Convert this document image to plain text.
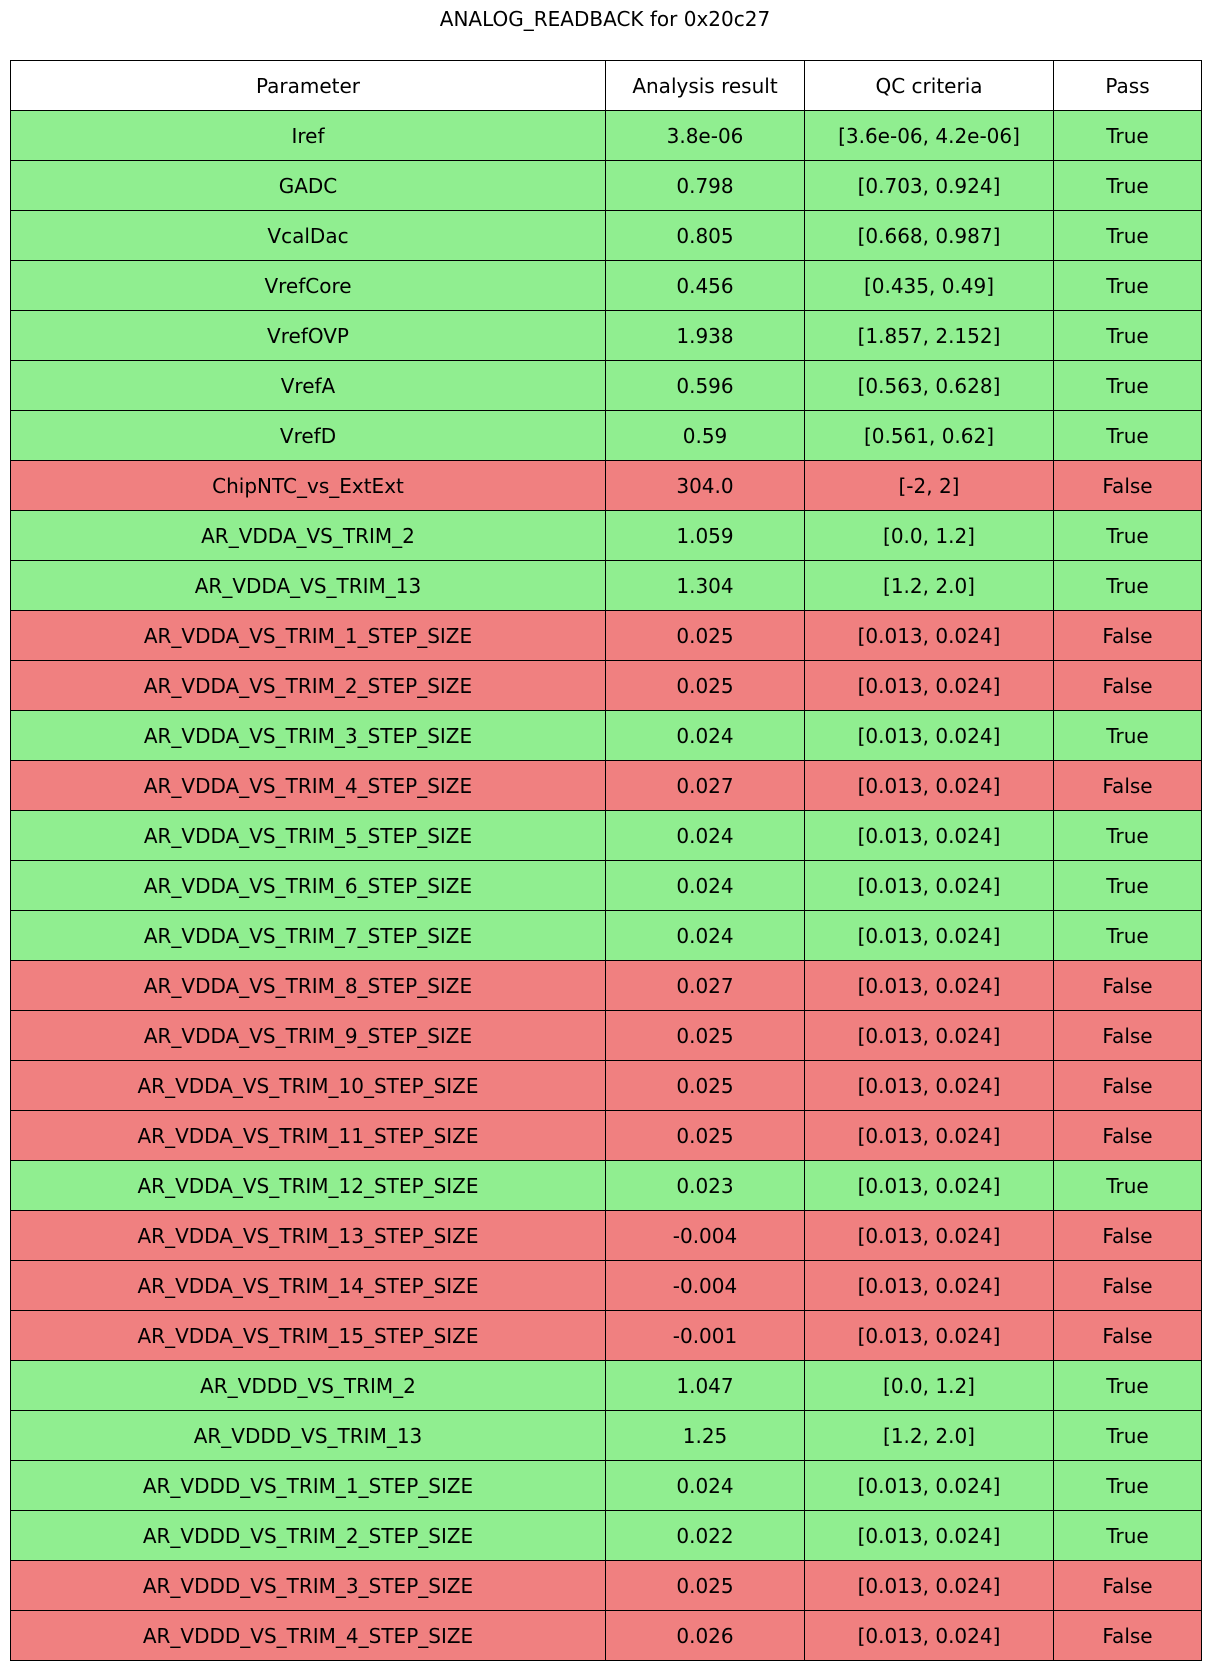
ANALOG_READBACK for 0x20c27
Parameter	Analysis result	QC criteria	Pass
Iref	3.8e-06	[3.6e-06, 4.2e-06]	True
GADC	0.798	[0.703, 0.924]	True
VcalDac	0.805	[0.668, 0.987]	True
VrefCore	0.456	[0.435, 0.49]	True
VrefOVP	1.938	[1.857, 2.152]	True
VrefA	0.596	[0.563, 0.628]	True
VrefD	0.59	[0.561, 0.62]	True
ChipNTC_vs_ExtExt	304.0	[-2, 2]	False
AR_VDDA_VS_TRIM_2	1.059	[0.0, 1.2]	True
AR_VDDA_VS_TRIM_13	1.304	[1.2, 2.0]	True
AR_VDDA_VS_TRIM_1_STEP_SIZE	0.025	[0.013, 0.024]	False
AR_VDDA_VS_TRIM_2_STEP_SIZE	0.025	[0.013, 0.024]	False
AR_VDDA_VS_TRIM_3_STEP_SIZE	0.024	[0.013, 0.024]	True
AR_VDDA_VS_TRIM_4_STEP_SIZE	0.027	[0.013, 0.024]	False
AR_VDDA_VS_TRIM_5_STEP_SIZE	0.024	[0.013, 0.024]	True
AR_VDDA_VS_TRIM_6_STEP_SIZE	0.024	[0.013, 0.024]	True
AR_VDDA_VS_TRIM_7_STEP_SIZE	0.024	[0.013, 0.024]	True
AR_VDDA_VS_TRIM_8_STEP_SIZE	0.027	[0.013, 0.024]	False
AR_VDDA_VS_TRIM_9_STEP_SIZE	0.025	[0.013, 0.024]	False
AR_VDDA_VS_TRIM_10_STEP_SIZE	0.025	[0.013, 0.024]	False
AR_VDDA_VS_TRIM_11_STEP_SIZE	0.025	[0.013, 0.024]	False
AR_VDDA_VS_TRIM_12_STEP_SIZE	0.023	[0.013, 0.024]	True
AR_VDDA_VS_TRIM_13_STEP_SIZE	-0.004	[0.013, 0.024]	False
AR_VDDA_VS_TRIM_14_STEP_SIZE	-0.004	[0.013, 0.024]	False
AR_VDDA_VS_TRIM_15_STEP_SIZE	-0.001	[0.013, 0.024]	False
AR_VDDD_VS_TRIM_2	1.047	[0.0, 1.2]	True
AR_VDDD_VS_TRIM_13	1.25	[1.2, 2.0]	True
AR_VDDD_VS_TRIM_1_STEP_SIZE	0.024	[0.013, 0.024]	True
AR_VDDD_VS_TRIM_2_STEP_SIZE	0.022	[0.013, 0.024]	True
AR_VDDD_VS_TRIM_3_STEP_SIZE	0.025	[0.013, 0.024]	False
AR_VDDD_VS_TRIM_4_STEP_SIZE	0.026	[0.013, 0.024]	False
